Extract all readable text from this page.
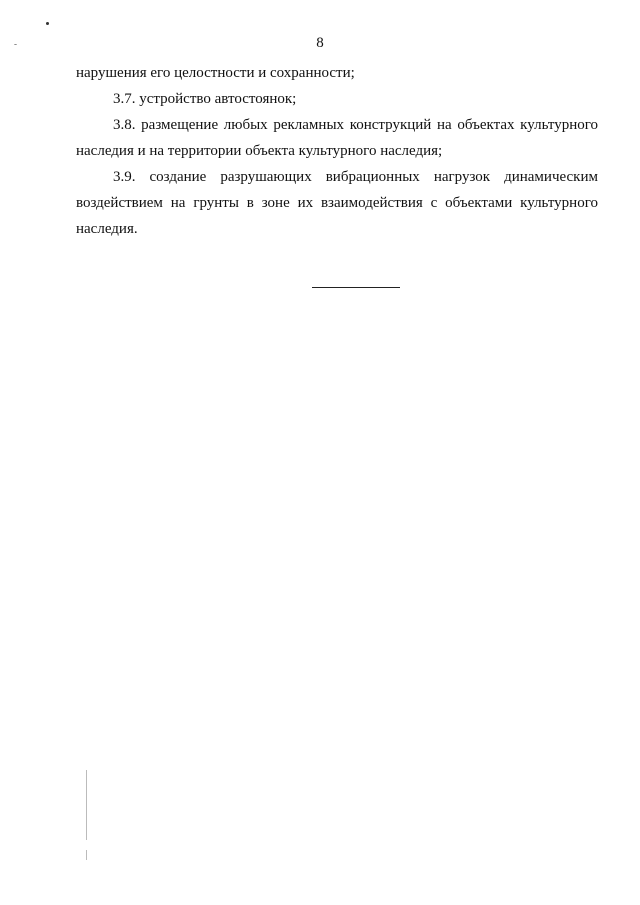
8

нарушения его целостности и сохранности;

3.7. устройство автостоянок;

3.8. размещение любых рекламных конструкций на объектах культурного наследия и на территории объекта культурного наследия;

3.9. создание разрушающих вибрационных нагрузок динамическим воздействием на грунты в зоне их взаимодействия с объектами культурного наследия.
